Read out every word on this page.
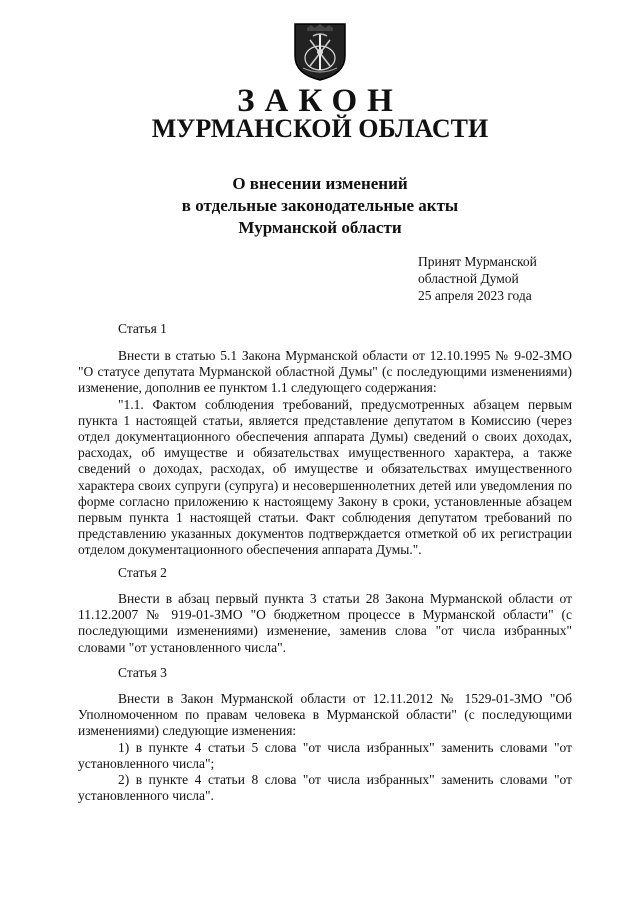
ЗАКОН
МУРМАНСКОЙ ОБЛАСТИ
О внесении изменений
в отдельные законодательные акты
Мурманской области
Принят Мурманской
областной Думой
25 апреля 2023 года
Статья 1

Внести в статью 5.1 Закона Мурманской области от 12.10.1995 № 9-02-ЗМО "О статусе депутата Мурманской областной Думы" (с последующими изменениями) изменение, дополнив ее пунктом 1.1 следующего содержания:

"1.1. Фактом соблюдения требований, предусмотренных абзацем первым пункта 1 настоящей статьи, является представление депутатом в Комиссию (через отдел документационного обеспечения аппарата Думы) сведений о своих доходах, расходах, об имуществе и обязательствах имущественного характера, а также сведений о доходах, расходах, об имуществе и обязательствах имущественного характера своих супруги (супруга) и несовершеннолетних детей или уведомления по форме согласно приложению к настоящему Закону в сроки, установленные абзацем первым пункта 1 настоящей статьи. Факт соблюдения депутатом требований по представлению указанных документов подтверждается отметкой об их регистрации отделом документационного обеспечения аппарата Думы.".

Статья 2

Внести в абзац первый пункта 3 статьи 28 Закона Мурманской области от 11.12.2007 № 919-01-ЗМО "О бюджетном процессе в Мурманской области" (с последующими изменениями) изменение, заменив слова "от числа избранных" словами "от установленного числа".

Статья 3

Внести в Закон Мурманской области от 12.11.2012 № 1529-01-ЗМО "Об Уполномоченном по правам человека в Мурманской области" (с последующими изменениями) следующие изменения:

1) в пункте 4 статьи 5 слова "от числа избранных" заменить словами "от установленного числа";

2) в пункте 4 статьи 8 слова "от числа избранных" заменить словами "от установленного числа".
